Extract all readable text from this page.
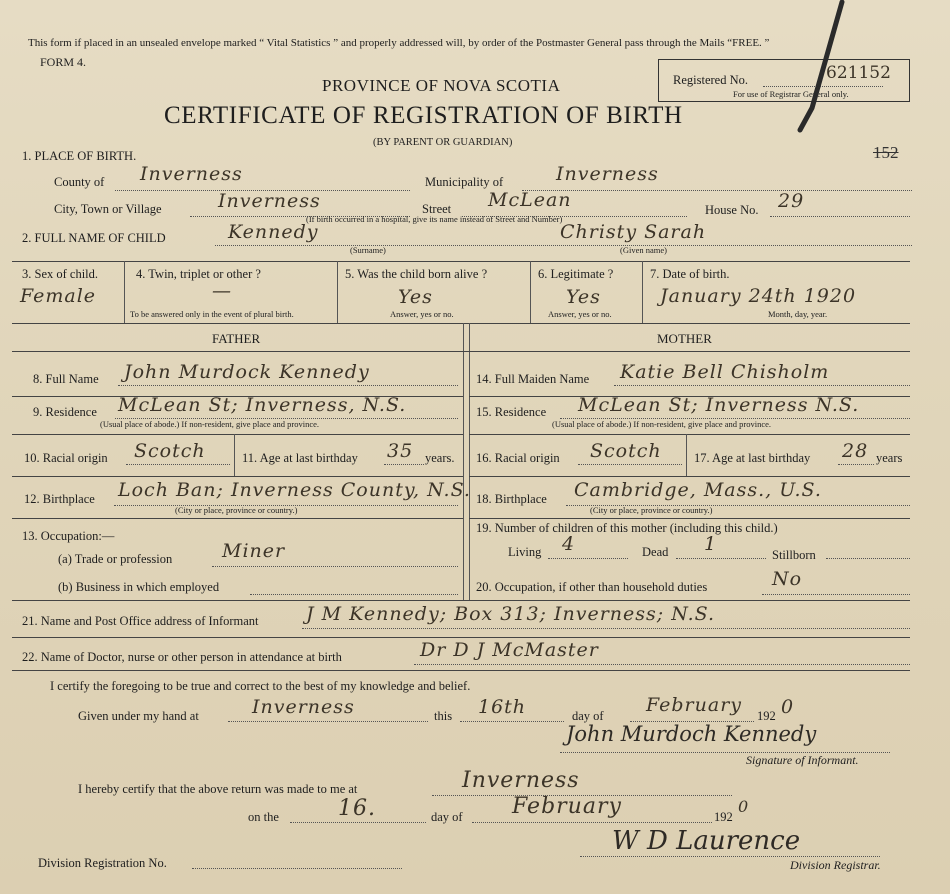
This form if placed in an unsealed envelope marked “ Vital Statistics ” and properly addressed will, by order of the Postmaster General pass through the Mails “FREE. ”
FORM 4.
PROVINCE OF NOVA SCOTIA
CERTIFICATE OF REGISTRATION OF BIRTH
(BY PARENT OR GUARDIAN)
Registered No.	621152
For use of Registrar General only.
152
1. PLACE OF BIRTH.
County of Inverness	Municipality of	Inverness
City, Town or Village	Inverness	Street McLean
(If birth occurred in a hospital, give its name instead of Street and Number)
House No. 29
2. FULL NAME OF CHILD	Kennedy
(Surname)
Christy Sarah
(Given name)
3. Sex of child.
Female
4. Twin, triplet or other ?
—
To be answered only in the event of plural birth.
5. Was the child born alive ?
Yes
Answer, yes or no.
6. Legitimate ?
Yes
Answer, yes or no.
7. Date of birth.
January 24th 1920
Month, day, year.
FATHER	MOTHER
8. Full Name John Murdock Kennedy
9. Residence McLean St; Inverness, N.S.
(Usual place of abode.) If non-resident, give place and province.
10. Racial origin Scotch	11. Age at last birthday 35 years.
12. Birthplace Loch Ban; Inverness County, N.S.
(City or place, province or country.)
13. Occupation:—
(a) Trade or profession	Miner
(b) Business in which employed
14. Full Maiden Name Katie Bell Chisholm
15. Residence McLean St; Inverness N.S.
(Usual place of abode.) If non-resident, give place and province.
16. Racial origin Scotch	17. Age at last birthday 28 years
18. Birthplace Cambridge, Mass., U.S.
(City or place, province or country.)
19. Number of children of this mother (including this child.)
Living 4	Dead 1	Stillborn
20. Occupation, if other than household duties	No
21. Name and Post Office address of Informant J M Kennedy; Box 313; Inverness; N.S.
22. Name of Doctor, nurse or other person in attendance at birth	Dr D J McMaster
I certify the foregoing to be true and correct to the best of my knowledge and belief.
Given under my hand at	Inverness	this 16th	day of February 192 0
John Murdoch Kennedy
Signature of Informant.
I hereby certify that the above return was made to me at	Inverness
on the	16.	day of February	192
0
Division Registration No.
W D Laurence
Division Registrar.
